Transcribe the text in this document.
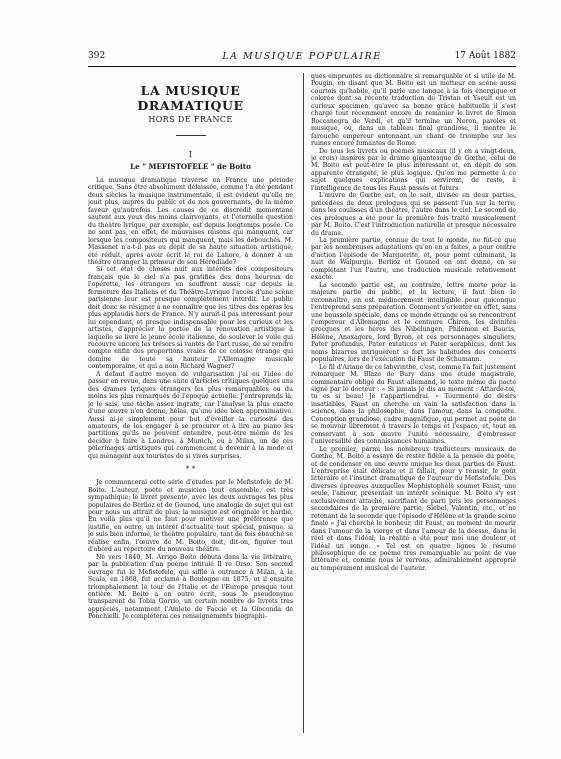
392	LA MUSIQUE POPULAIRE	17 Août 1882
LA MUSIQUE DRAMATIQUE
HORS DE FRANCE
I
Le " MEFISTOFELE " de Boito

La musique dramatique traverse en France une période critique. Sans être absolument délaissée, comme l'a été pendant deux siècles la musique instrumentale, il est évident qu'elle ne jouit plus, auprès du public et de nos gouvernants, de la même faveur qu'autrefois. Les causes de ce discrédit momentané sautent aux yeux des moins clairvoyants, et l'éternelle question du théâtre lyrique, par exemple, est depuis longtemps posée. Ce ne sont pas, en effet, de mauvaises raisons qui manquent, car lorsque les compositeurs qui manquent, mais les débouchés. M. Massenet n'a-t-il pas eu dépit de sa haute situation artistique, été réduit, après avoir écrit le roi de Lahore, à donner à un théâtre étranger la primeur de son Hérodiade?

Si cet état de choses nuit aux intérêts des compositeurs français que le ciel n'a pas gratifiés des dons heureux de l'opérette, les étrangers en souffrent aussi; car depuis la fermeture des Italiens et du Théâtre-Lyrique l'accès d'une scène parisienne leur est presque complètement interdit. Le public doit donc se résigner à ne connaître que les titres des opéras les plus applaudis hors de France. N'y aurait-il pas intéressant pour lui cependant, et presque indispensable pour les curieux et les artistes, d'apprécier la portée de la rénovation artistique à laquelle se livre le jeune école italienne, de soulever le voile qui recouvre encore les trésors si vantés de l'art russe, de se rendre compte enfin des proportions vraies de ce colosse étrange qui domine de toute sa hauteur l'Allemagne musicale contemporaine, et qui a nom Richard Wagner?

A défaut d'autre moyen de vulgarisation j'ai eu l'idée de passer en revue, dans une suite d'articles critiques quelques uns des drames lyriques étrangers les plus remarquables ou du moins les plus remarqués de l'époque actuelle. J'entreprends là, je le sais, une tâche assez ingrate, car l'analyse la plus exacte d'une œuvre n'en donne, hélas, qu'une idée bien approximative. Aussi ai-je simplement pour but d'éveiller la curiosité des amateurs, de les engager à se procurer et à lire au piano les partitions qu'ils ne peuvent entendre, peut-être même de les décider à faire à Londres, à Munich, ou à Milan, un de ces pèlerinages artistiques qui commencent à devenir à la mode et qui ménagent aux touristes de si vives surprises.

* *

Je commencerai cette série d'études par le Mefistofele de M. Boito. L'auteur, poète et musicien tout ensemble, est très sympathique; le livret présente, avec les deux ouvrages les plus populaires de Berlioz et de Gounod, une analogie de sujet qui est pour nous un attrait de plus; la musique est originale et hardie. En voilà plus qu'il ne faut pour motiver une préférence que justifie, en outre, un intérêt d'actualité tout spécial, puisque, si je suis bien informé, le théâtre populaire, tant de fois ébauché se réalise enfin, l'œuvre de M. Boito, doit, dit-on, figurer tout d'abord au répertoire du nouveau théâtre.

Né vers 1840, M. Arrigo Boito débuta dans la vie littéraire, par la publication d'un poème intitulé Il re Orso. Son second ouvrage fut le Mefistofele, qui sifflé à outrance à Milan, à la Scala, en 1868, fut acclamé à Boulogne en 1875, et il ensuite triomphalement le tour de l'Italie et de l'Europe presque tout entière. M. Boito a en outre écrit, sous le pseudonyme transparent de Tobia Gorrio, un certain nombre de livrets très appréciés, notamment l'Amleto de Faccio et la Gioconda de Ponchielli. Je compléterai ces renseignements biographi-

ques empruntés au dictionnaire si remarquable et si utile de M. Pougin, en disant que M. Boito est un metteur en scène aussi courtois qu'habile, qu'il parle une langue à la fois énergique et colorée dont sa récente traduction de Tristan et Yseult est un curieux spécimen, qu'avec sa bonne grâce habituelle il s'est chargé tout récemment encore de remanier le livret de Simon Boccanegra de Verdi, et qu'il termine un Neron, paroles et musique, où, dans un tableau final grandiose, il montre le farouche empereur entonnant un chant de triomphe sur les ruines encore fumantes de Rome.

De tous les livrets ou poèmes musicaux (il y en a vingt-deux, je crois) inspirés par le drame gigantesque de Gœthe, celui de M. Boito est peut-être le plus intéressant et, en dépit de son apparente étrangeté, le plus logique. Qu'on me permette à ce sujet quelques explications qui serviront, de reste, à l'intelligence de tous les Faust passés et futurs.

L'œuvre de Gœthe est, on le sait, divisée en deux parties, précédées de deux prologues qui se passent l'un sur la terre, dans les coulisses d'un théâtre, l'autre dans le ciel. Le second de ces prologues a été pour la première fois traité musicalement par M. Boito. C'est l'introduction naturelle et presque nécessaire du drame.

La première partie, connue de tout le monde, ne fût-ce que par les nombreuses adaptations qu'on en a faites, a pour centre d'action l'épisode de Marguerite, et, pour point culminant, la nuit de Walpurgis. Berlioz et Gounod en ont donné, en se complétant l'un l'autre, une traduction musicale relativement exacte.

La seconde partie est, au contraire, lettre morte pour la majeure partie du public, et la lecture, il faut bien le reconnaître, en est médiocrement intelligible pour quiconque l'entreprend sans préparation. Comment s'orienter en effet, sans une boussole spéciale, dans ce monde étrange où se rencontrent l'empereur d'Allemagne et le centaure Chiron, les divinités grecques et les héros des Nibelungen, Philémon et Baucis, Hélène, Anaxagore, lord Byron, et ces personnages singuliers, Pater profundus, Pater extaticus et Pater seraphicus, dont les noms bizarres intriguèrent si fort les habitudes des concerts populaires, lors de l'exécution du Faust de Schumann.

Le fil d'Ariane de ce labyrinthe, c'est, comme l'a fait justement remarquer M. Blaze de Bury dans une étude magistrale, commentaire obligé du Faust allemand, le texte même du pacte signé par le docteur : « Si jamais je dis au moment : Attarde-toi, tu es si beau! Je t'appartiendrai. » Tourmenté de désirs insatiables, Faust en cherche en vain la satisfaction dans la science, dans la philosophie, dans l'amour, dans la conquête. Conception grandiose, cadre magnifique, qui permet au poète de se mouvoir librement à travers le temps et l'espace, et, tout en conservant à son œuvre l'unité nécessaire, d'embrasser l'universalité des connaissances humaines.

Le premier, parmi les nombreux traducteurs musicaux de Gœthe, M. Boito a essayé de rester fidèle à la pensée du poète, et de condenser en une œuvre unique les deux parties de Faust. L'entreprise était délicate et il fallait, pour y réussir, le goût littéraire et l'instinct dramatique de l'auteur du Mefistofele. Des diverses épreuves auxquelles Mephistophélè soumet Faust, une seule, l'amour, présentait un intérêt scénique. M. Boito s'y est exclusivement attaché, sacrifiant de parti pris les personnages secondaires de la première partie, Siebel, Valentin, etc., et ne retenant de la seconde que l'épisode d'Hélène et la grande scène finale « J'ai cherché le bonheur, dit Faust, au moment de mourir dans l'amour de la vierge et dans l'amour de la déesse, dans le réel et dans l'idéal; la réalité a été pour moi une douleur et l'idéal un songe. » Tel est en quatre lignes le résumé philosophique de ce poème très remarquable au point de vue littéraire et, comme nous le verrons, admirablement approprié au tempérament musical de l'auteur.
